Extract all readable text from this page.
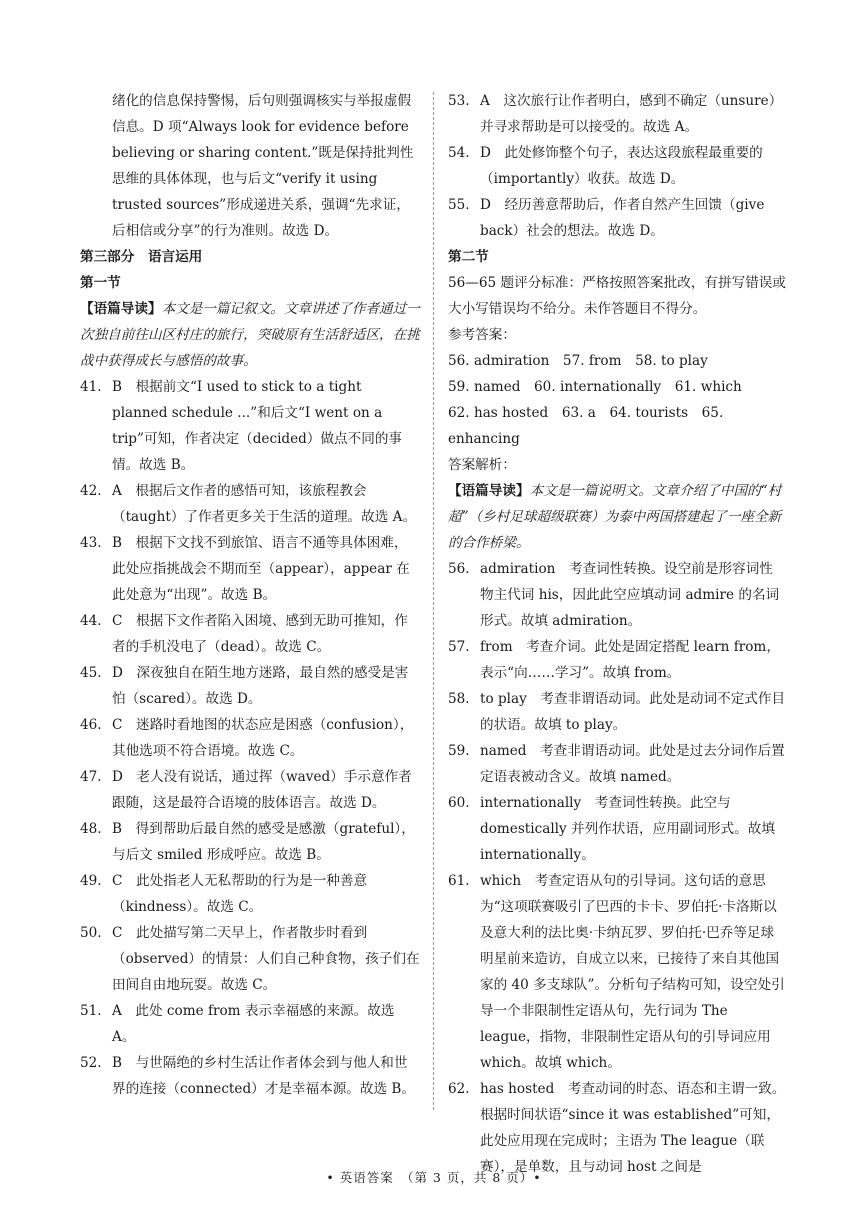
绪化的信息保持警惕，后句则强调核实与举报虚假信息。D 项“Always look for evidence before believing or sharing content.”既是保持批判性思维的具体体现，也与后文“verify it using trusted sources”形成递进关系，强调“先求证，后相信或分享”的行为准则。故选 D。

第三部分　语言运用

第一节

【语篇导读】本文是一篇记叙文。文章讲述了作者通过一次独自前往山区村庄的旅行，突破原有生活舒适区，在挑战中获得成长与感悟的故事。

41. B　根据前文“I used to stick to a tight planned schedule ...”和后文“I went on a trip”可知，作者决定（decided）做点不同的事情。故选 B。
42. A　根据后文作者的感悟可知，该旅程教会（taught）了作者更多关于生活的道理。故选 A。
43. B　根据下文找不到旅馆、语言不通等具体困难，此处应指挑战会不期而至（appear），appear 在此处意为“出现”。故选 B。
44. C　根据下文作者陷入困境、感到无助可推知，作者的手机没电了（dead）。故选 C。
45. D　深夜独自在陌生地方迷路，最自然的感受是害怕（scared）。故选 D。
46. C　迷路时看地图的状态应是困惑（confusion），其他选项不符合语境。故选 C。
47. D　老人没有说话，通过挥（waved）手示意作者跟随，这是最符合语境的肢体语言。故选 D。
48. B　得到帮助后最自然的感受是感激（grateful），与后文 smiled 形成呼应。故选 B。
49. C　此处指老人无私帮助的行为是一种善意（kindness）。故选 C。
50. C　此处描写第二天早上，作者散步时看到（observed）的情景：人们自己种食物，孩子们在田间自由地玩耍。故选 C。
51. A　此处 come from 表示幸福感的来源。故选 A。
52. B　与世隔绝的乡村生活让作者体会到与他人和世界的连接（connected）才是幸福本源。故选 B。
53. A　这次旅行让作者明白，感到不确定（unsure）并寻求帮助是可以接受的。故选 A。
54. D　此处修饰整个句子，表达这段旅程最重要的（importantly）收获。故选 D。
55. D　经历善意帮助后，作者自然产生回馈（give back）社会的想法。故选 D。

第二节

56—65 题评分标准：严格按照答案批改，有拼写错误或大小写错误均不给分。未作答题目不得分。

参考答案：

56. admiration　57. from　58. to play

59. named　60. internationally　61. which

62. has hosted　63. a　64. tourists　65. enhancing

答案解析：

【语篇导读】本文是一篇说明文。文章介绍了中国的“村超”（乡村足球超级联赛）为泰中两国搭建起了一座全新的合作桥梁。

56. admiration　考查词性转换。设空前是形容词性物主代词 his，因此此空应填动词 admire 的名词形式。故填 admiration。
57. from　考查介词。此处是固定搭配 learn from，表示“向……学习”。故填 from。
58. to play　考查非谓语动词。此处是动词不定式作目的状语。故填 to play。
59. named　考查非谓语动词。此处是过去分词作后置定语表被动含义。故填 named。
60. internationally　考查词性转换。此空与 domestically 并列作状语，应用副词形式。故填 internationally。
61. which　考查定语从句的引导词。这句话的意思为“这项联赛吸引了巴西的卡卡、罗伯托·卡洛斯以及意大利的法比奥·卡纳瓦罗、罗伯托·巴乔等足球明星前来造访，自成立以来，已接待了来自其他国家的 40 多支球队”。分析句子结构可知，设空处引导一个非限制性定语从句，先行词为 The league，指物，非限制性定语从句的引导词应用 which。故填 which。
62. has hosted　考查动词的时态、语态和主谓一致。根据时间状语“since it was established”可知，此处应用现在完成时；主语为 The league（联赛），是单数，且与动词 host 之间是
• 英语答案　（第 3 页，共 8 页）•
